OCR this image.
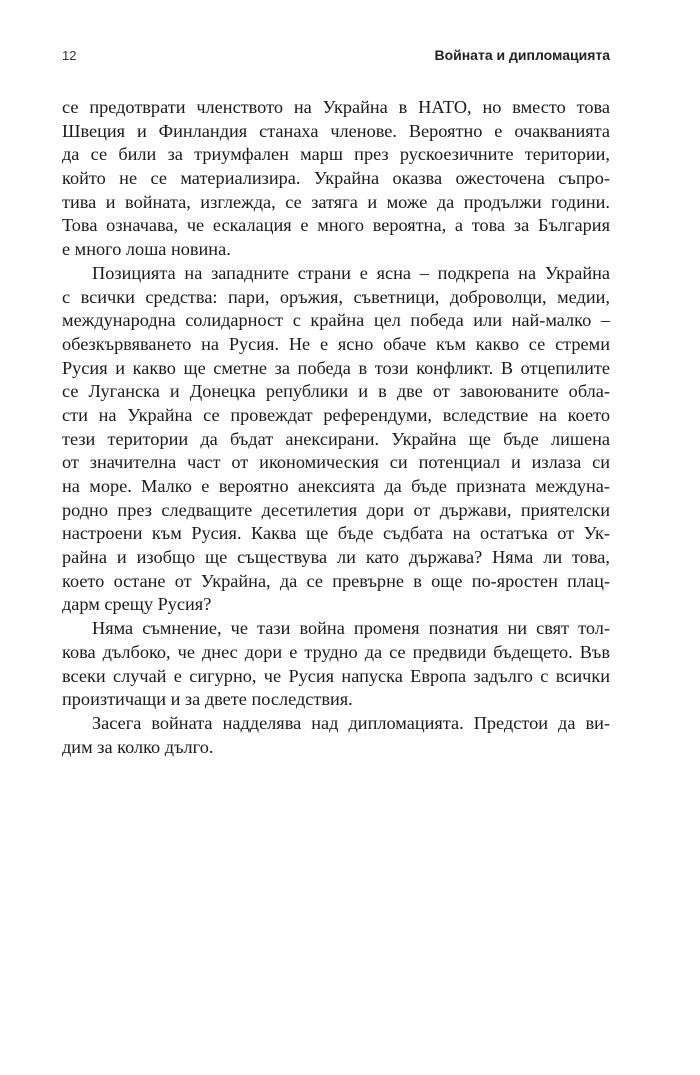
12	Войната и дипломацията
се предотврати членството на Украйна в НАТО, но вместо това
Швеция и Финландия станаха членове. Вероятно е очакванията
да се били за триумфален марш през рускоезичните територии,
който не се материализира. Украйна оказва ожесточена съпро-
тива и войната, изглежда, се затяга и може да продължи години.
Това означава, че ескалация е много вероятна, а това за България
е много лоша новина.
Позицията на западните страни е ясна – подкрепа на Украйна
с всички средства: пари, оръжия, съветници, доброволци, медии,
международна солидарност с крайна цел победа или най-малко –
обезкървяването на Русия. Не е ясно обаче към какво се стреми
Русия и какво ще сметне за победа в този конфликт. В отцепилите
се Луганска и Донецка републики и в две от завоюваните обла-
сти на Украйна се провеждат референдуми, вследствие на което
тези територии да бъдат анексирани. Украйна ще бъде лишена
от значителна част от икономическия си потенциал и излаза си
на море. Малко е вероятно анексията да бъде призната междуна-
родно през следващите десетилетия дори от държави, приятелски
настроени към Русия. Каква ще бъде съдбата на остатъка от Ук-
райна и изобщо ще съществува ли като държава? Няма ли това,
което остане от Украйна, да се превърне в още по-яростен плац-
дарм срещу Русия?
Няма съмнение, че тази война променя познатия ни свят тол-
кова дълбоко, че днес дори е трудно да се предвиди бъдещето. Във
всеки случай е сигурно, че Русия напуска Европа задълго с всички
произтичащи и за двете последствия.
Засега войната надделява над дипломацията. Предстои да ви-
дим за колко дълго.
